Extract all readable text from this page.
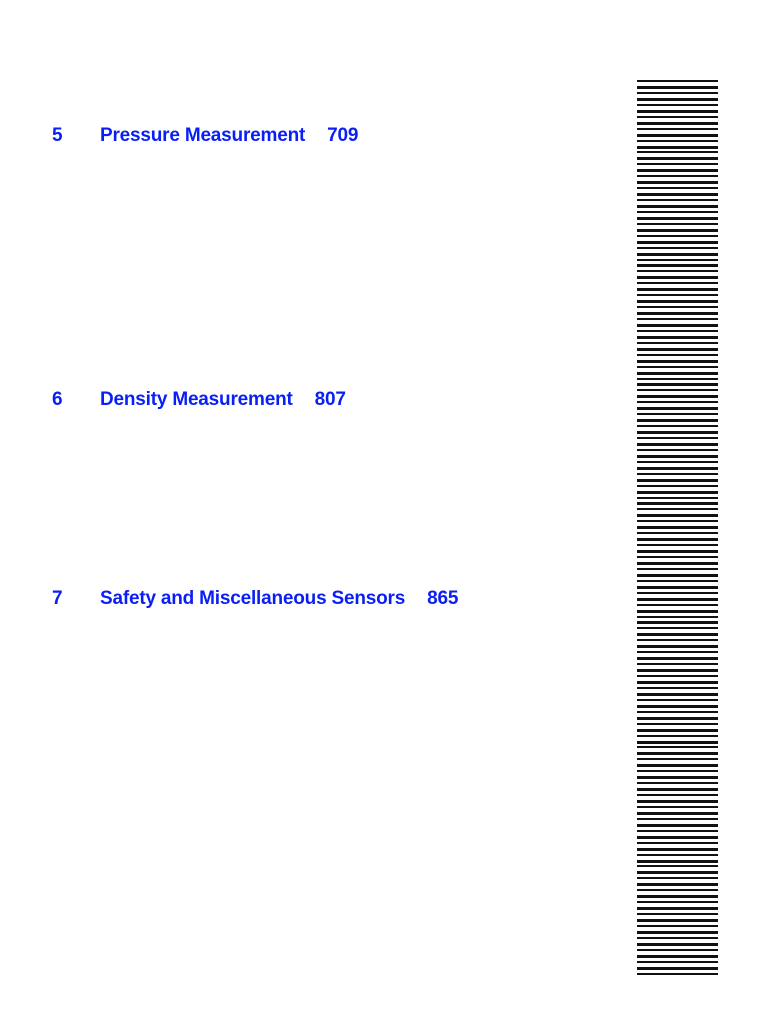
5	Pressure Measurement 709
6	Density Measurement 807
7	Safety and Miscellaneous Sensors 865
